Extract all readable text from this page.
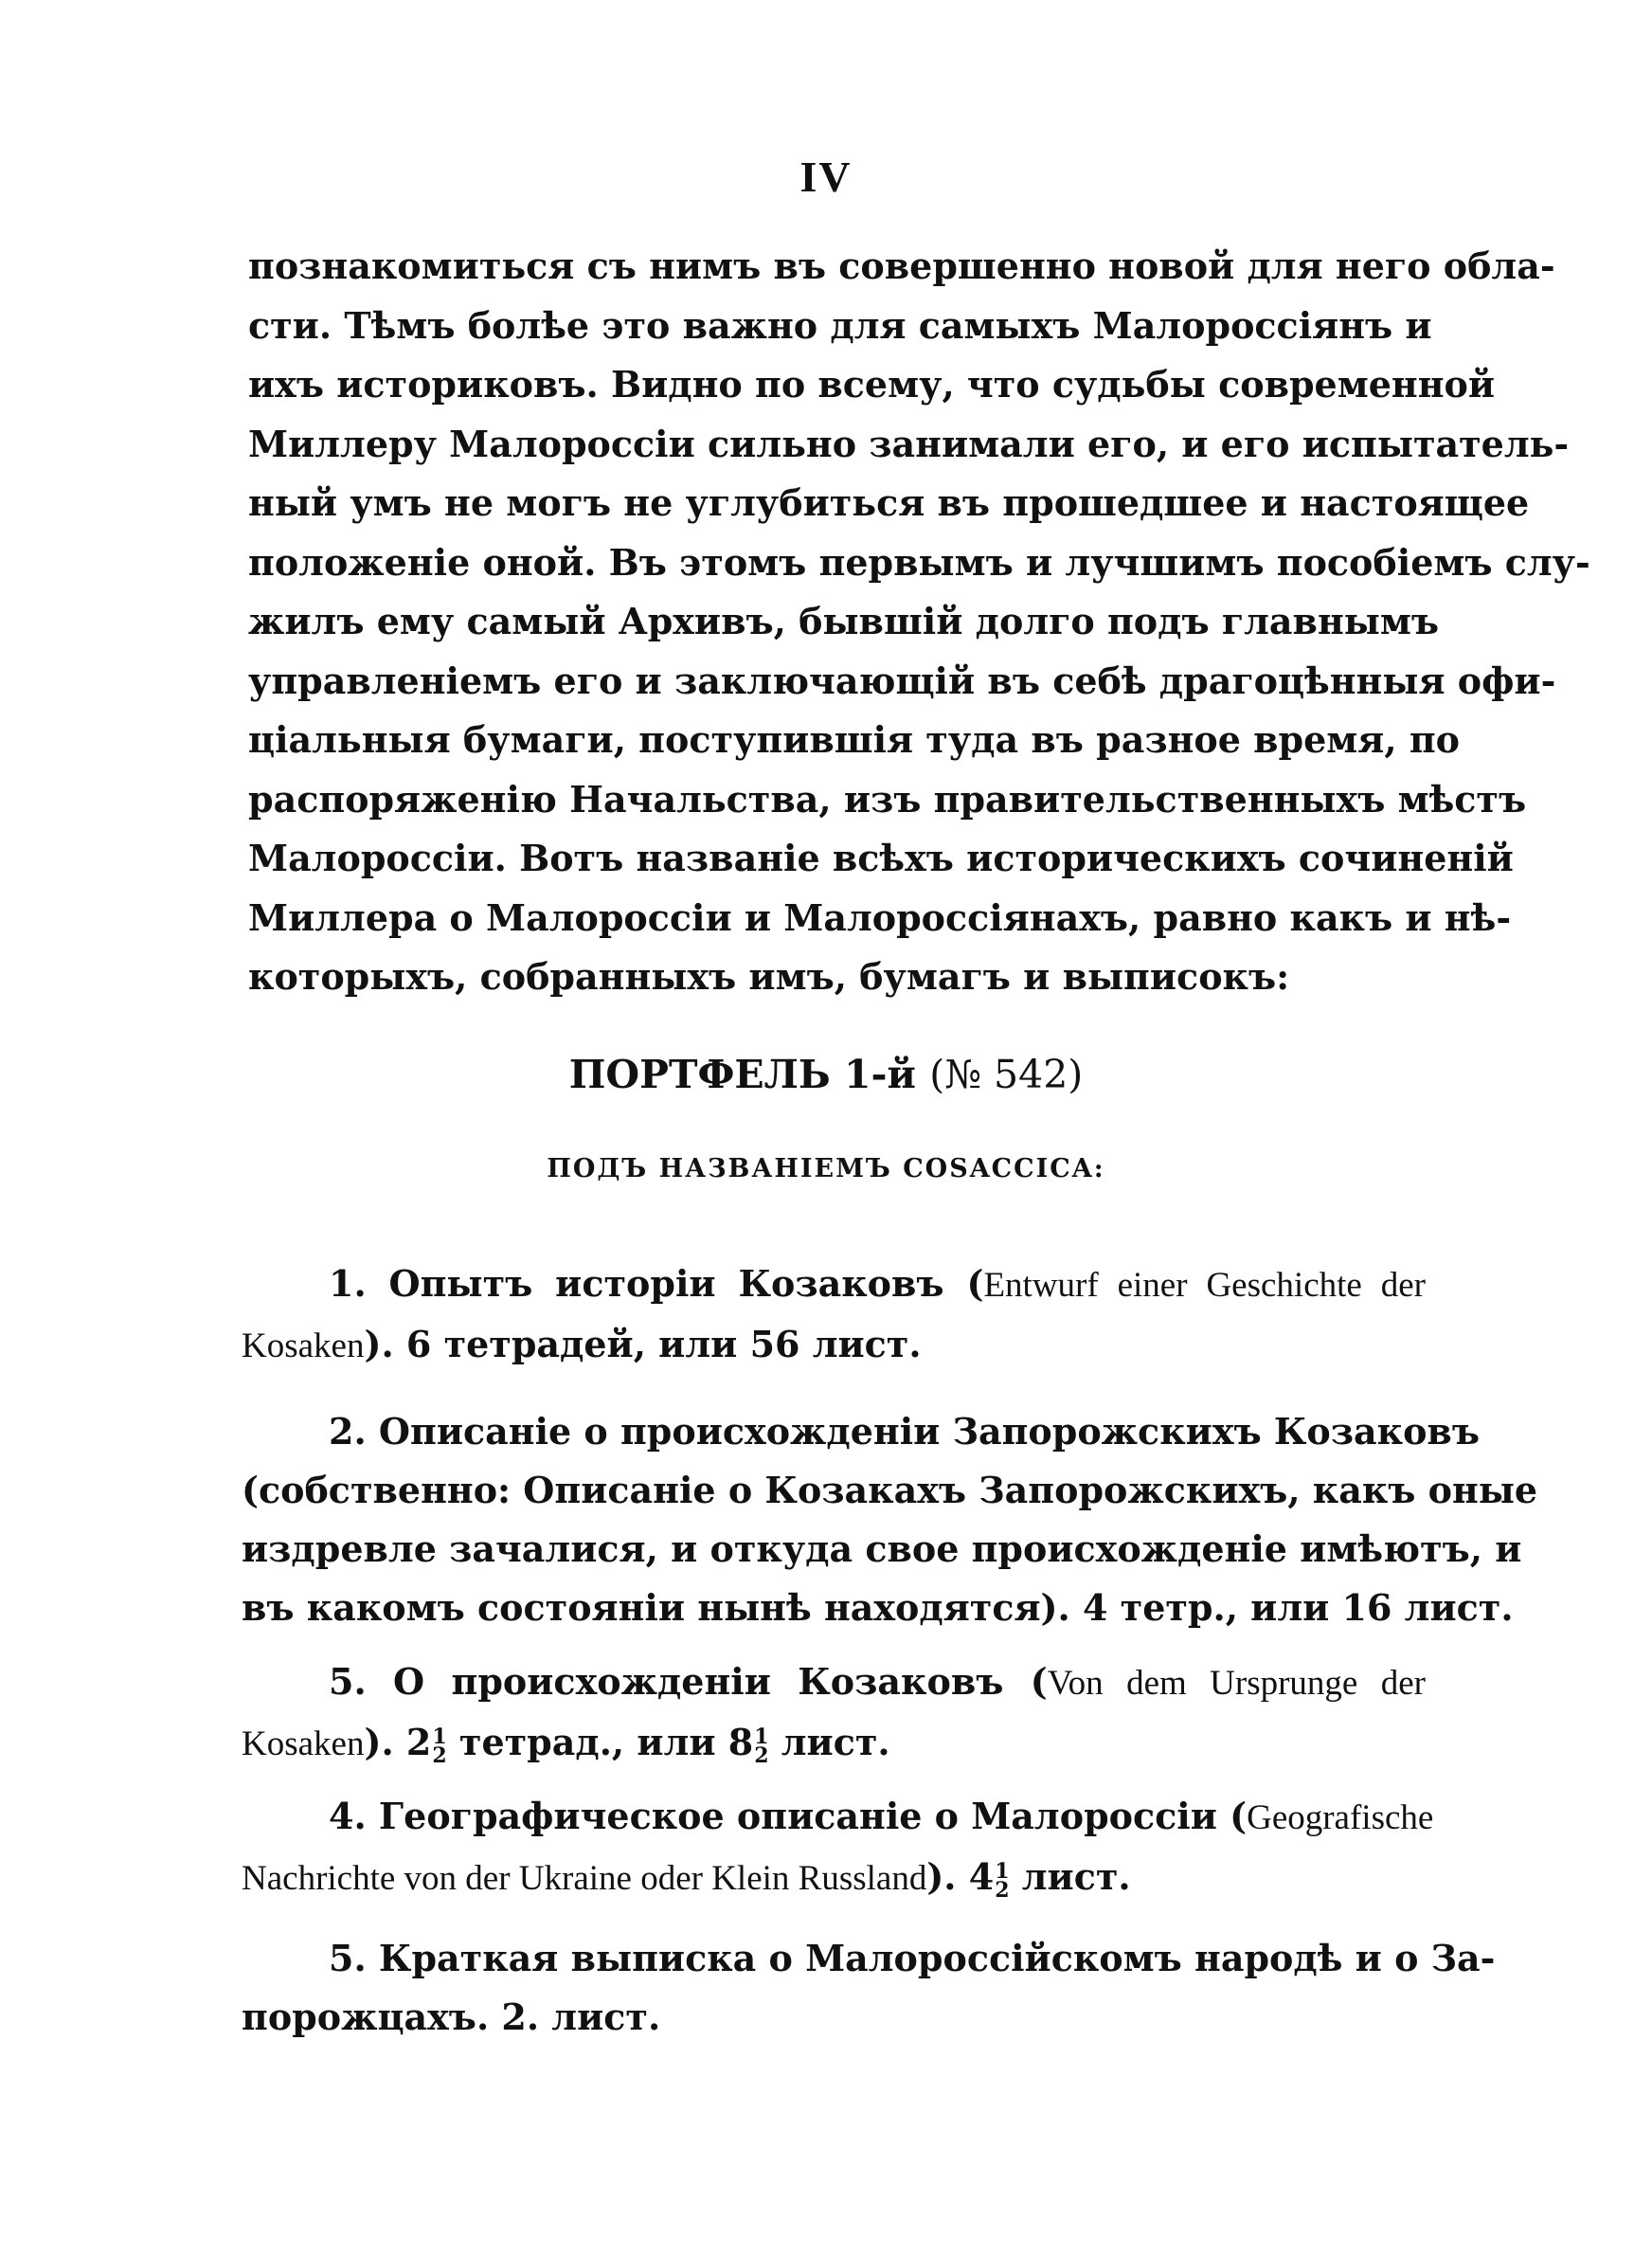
IV
познакомиться съ нимъ въ совершенно новой для него обла-
сти. Тѣмъ болѣе это важно для самыхъ Малороссіянъ и
ихъ историковъ. Видно по всему, что судьбы современной
Миллеру Малороссіи сильно занимали его, и его испытатель-
ный умъ не могъ не углубиться въ прошедшее и настоящее
положеніе оной. Въ этомъ первымъ и лучшимъ пособіемъ слу-
жилъ ему самый Архивъ, бывшій долго подъ главнымъ
управленіемъ его и заключающій въ себѣ драгоцѣнныя офи-
ціальныя бумаги, поступившія туда въ разное время, по
распоряженію Начальства, изъ правительственныхъ мѣстъ
Малороссіи. Вотъ названіе всѣхъ историческихъ сочиненій
Миллера о Малороссіи и Малороссіянахъ, равно какъ и нѣ-
которыхъ, собранныхъ имъ, бумагъ и выписокъ:
ПОРТФЕЛЬ 1-й (№ 542)
ПОДЪ НАЗВАНІЕМЪ COSACCICA:
1. Опытъ исторіи Козаковъ (Entwurf einer Geschichte der
Kosaken). 6 тетрадей, или 56 лист.
2. Описаніе о происхожденіи Запорожскихъ Козаковъ
(собственно: Описаніе о Козакахъ Запорожскихъ, какъ оные
издревле зачалися, и откуда свое происхожденіе имѣютъ, и
въ какомъ состояніи нынѣ находятся). 4 тетр., или 16 лист.
5. О происхожденіи Козаковъ (Von dem Ursprunge der
Kosaken). 2 1
2 тетрад., или 8 1
2 лист.
4. Географическое описаніе о Малороссіи (Geografische
Nachrichte von der Ukraine oder Klein Russland). 4 1
2 лист.
5. Краткая выписка о Малороссійскомъ народѣ и о За-
порожцахъ. 2. лист.
